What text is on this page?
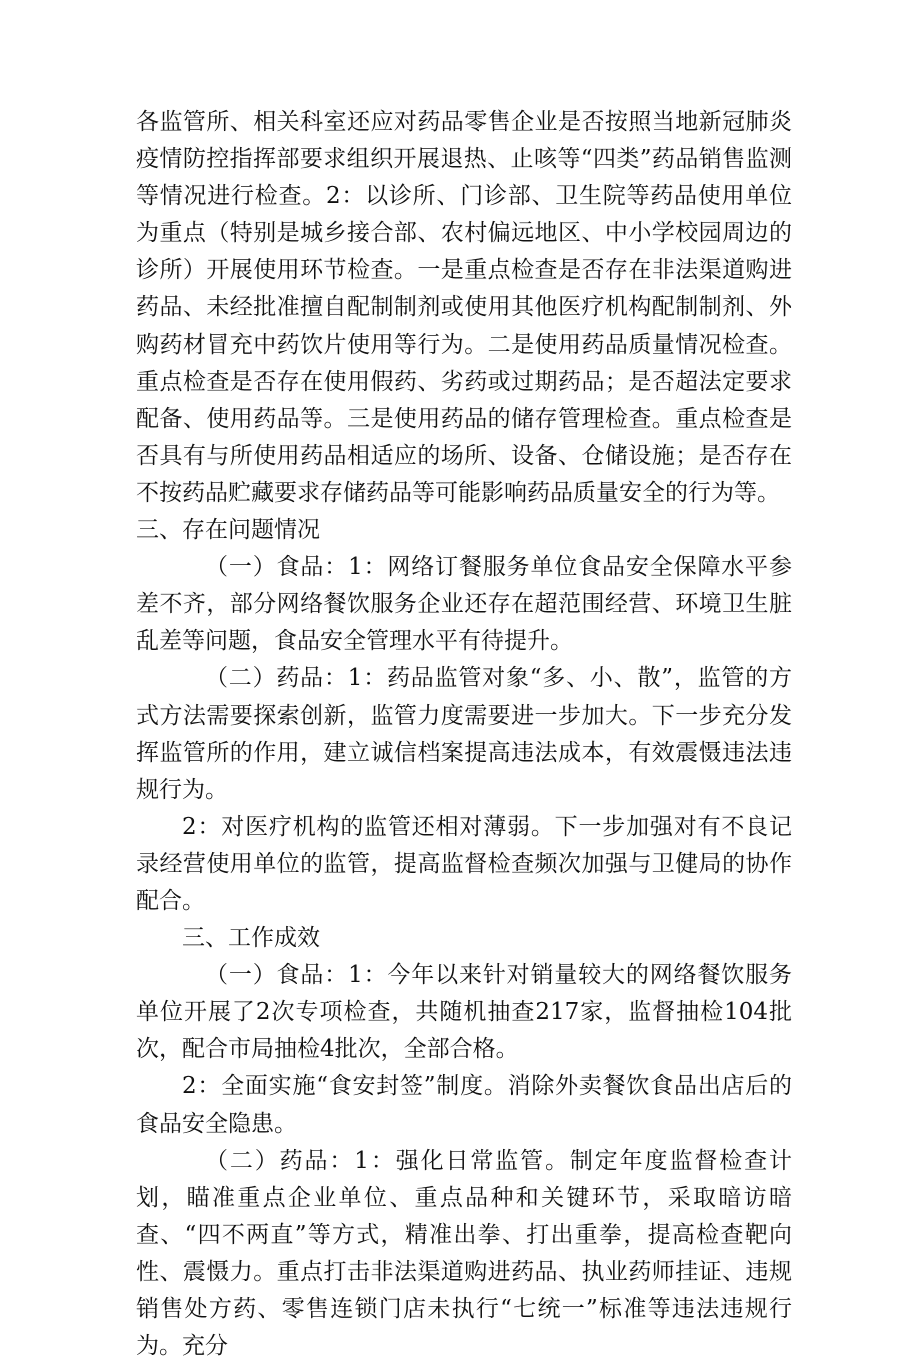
各监管所、相关科室还应对药品零售企业是否按照当地新冠肺炎疫情防控指挥部要求组织开展退热、止咳等“四类”药品销售监测等情况进行检查。2：以诊所、门诊部、卫生院等药品使用单位为重点（特别是城乡接合部、农村偏远地区、中小学校园周边的诊所）开展使用环节检查。一是重点检查是否存在非法渠道购进药品、未经批准擅自配制制剂或使用其他医疗机构配制制剂、外购药材冒充中药饮片使用等行为。二是使用药品质量情况检查。重点检查是否存在使用假药、劣药或过期药品；是否超法定要求配备、使用药品等。三是使用药品的储存管理检查。重点检查是否具有与所使用药品相适应的场所、设备、仓储设施；是否存在不按药品贮藏要求存储药品等可能影响药品质量安全的行为等。

三、存在问题情况

（一）食品：1：网络订餐服务单位食品安全保障水平参差不齐，部分网络餐饮服务企业还存在超范围经营、环境卫生脏乱差等问题，食品安全管理水平有待提升。

（二）药品：1：药品监管对象“多、小、散”，监管的方式方法需要探索创新，监管力度需要进一步加大。下一步充分发挥监管所的作用，建立诚信档案提高违法成本，有效震慑违法违规行为。

2：对医疗机构的监管还相对薄弱。下一步加强对有不良记录经营使用单位的监管，提高监督检查频次加强与卫健局的协作配合。

三、工作成效

（一）食品：1：今年以来针对销量较大的网络餐饮服务单位开展了2次专项检查，共随机抽查217家，监督抽检104批次，配合市局抽检4批次，全部合格。

2：全面实施“食安封签”制度。消除外卖餐饮食品出店后的食品安全隐患。

（二）药品：1：强化日常监管。制定年度监督检查计划，瞄准重点企业单位、重点品种和关键环节，采取暗访暗查、“四不两直”等方式，精准出拳、打出重拳，提高检查靶向性、震慑力。重点打击非法渠道购进药品、执业药师挂证、违规销售处方药、零售连锁门店未执行“七统一”标准等违法违规行为。充分
